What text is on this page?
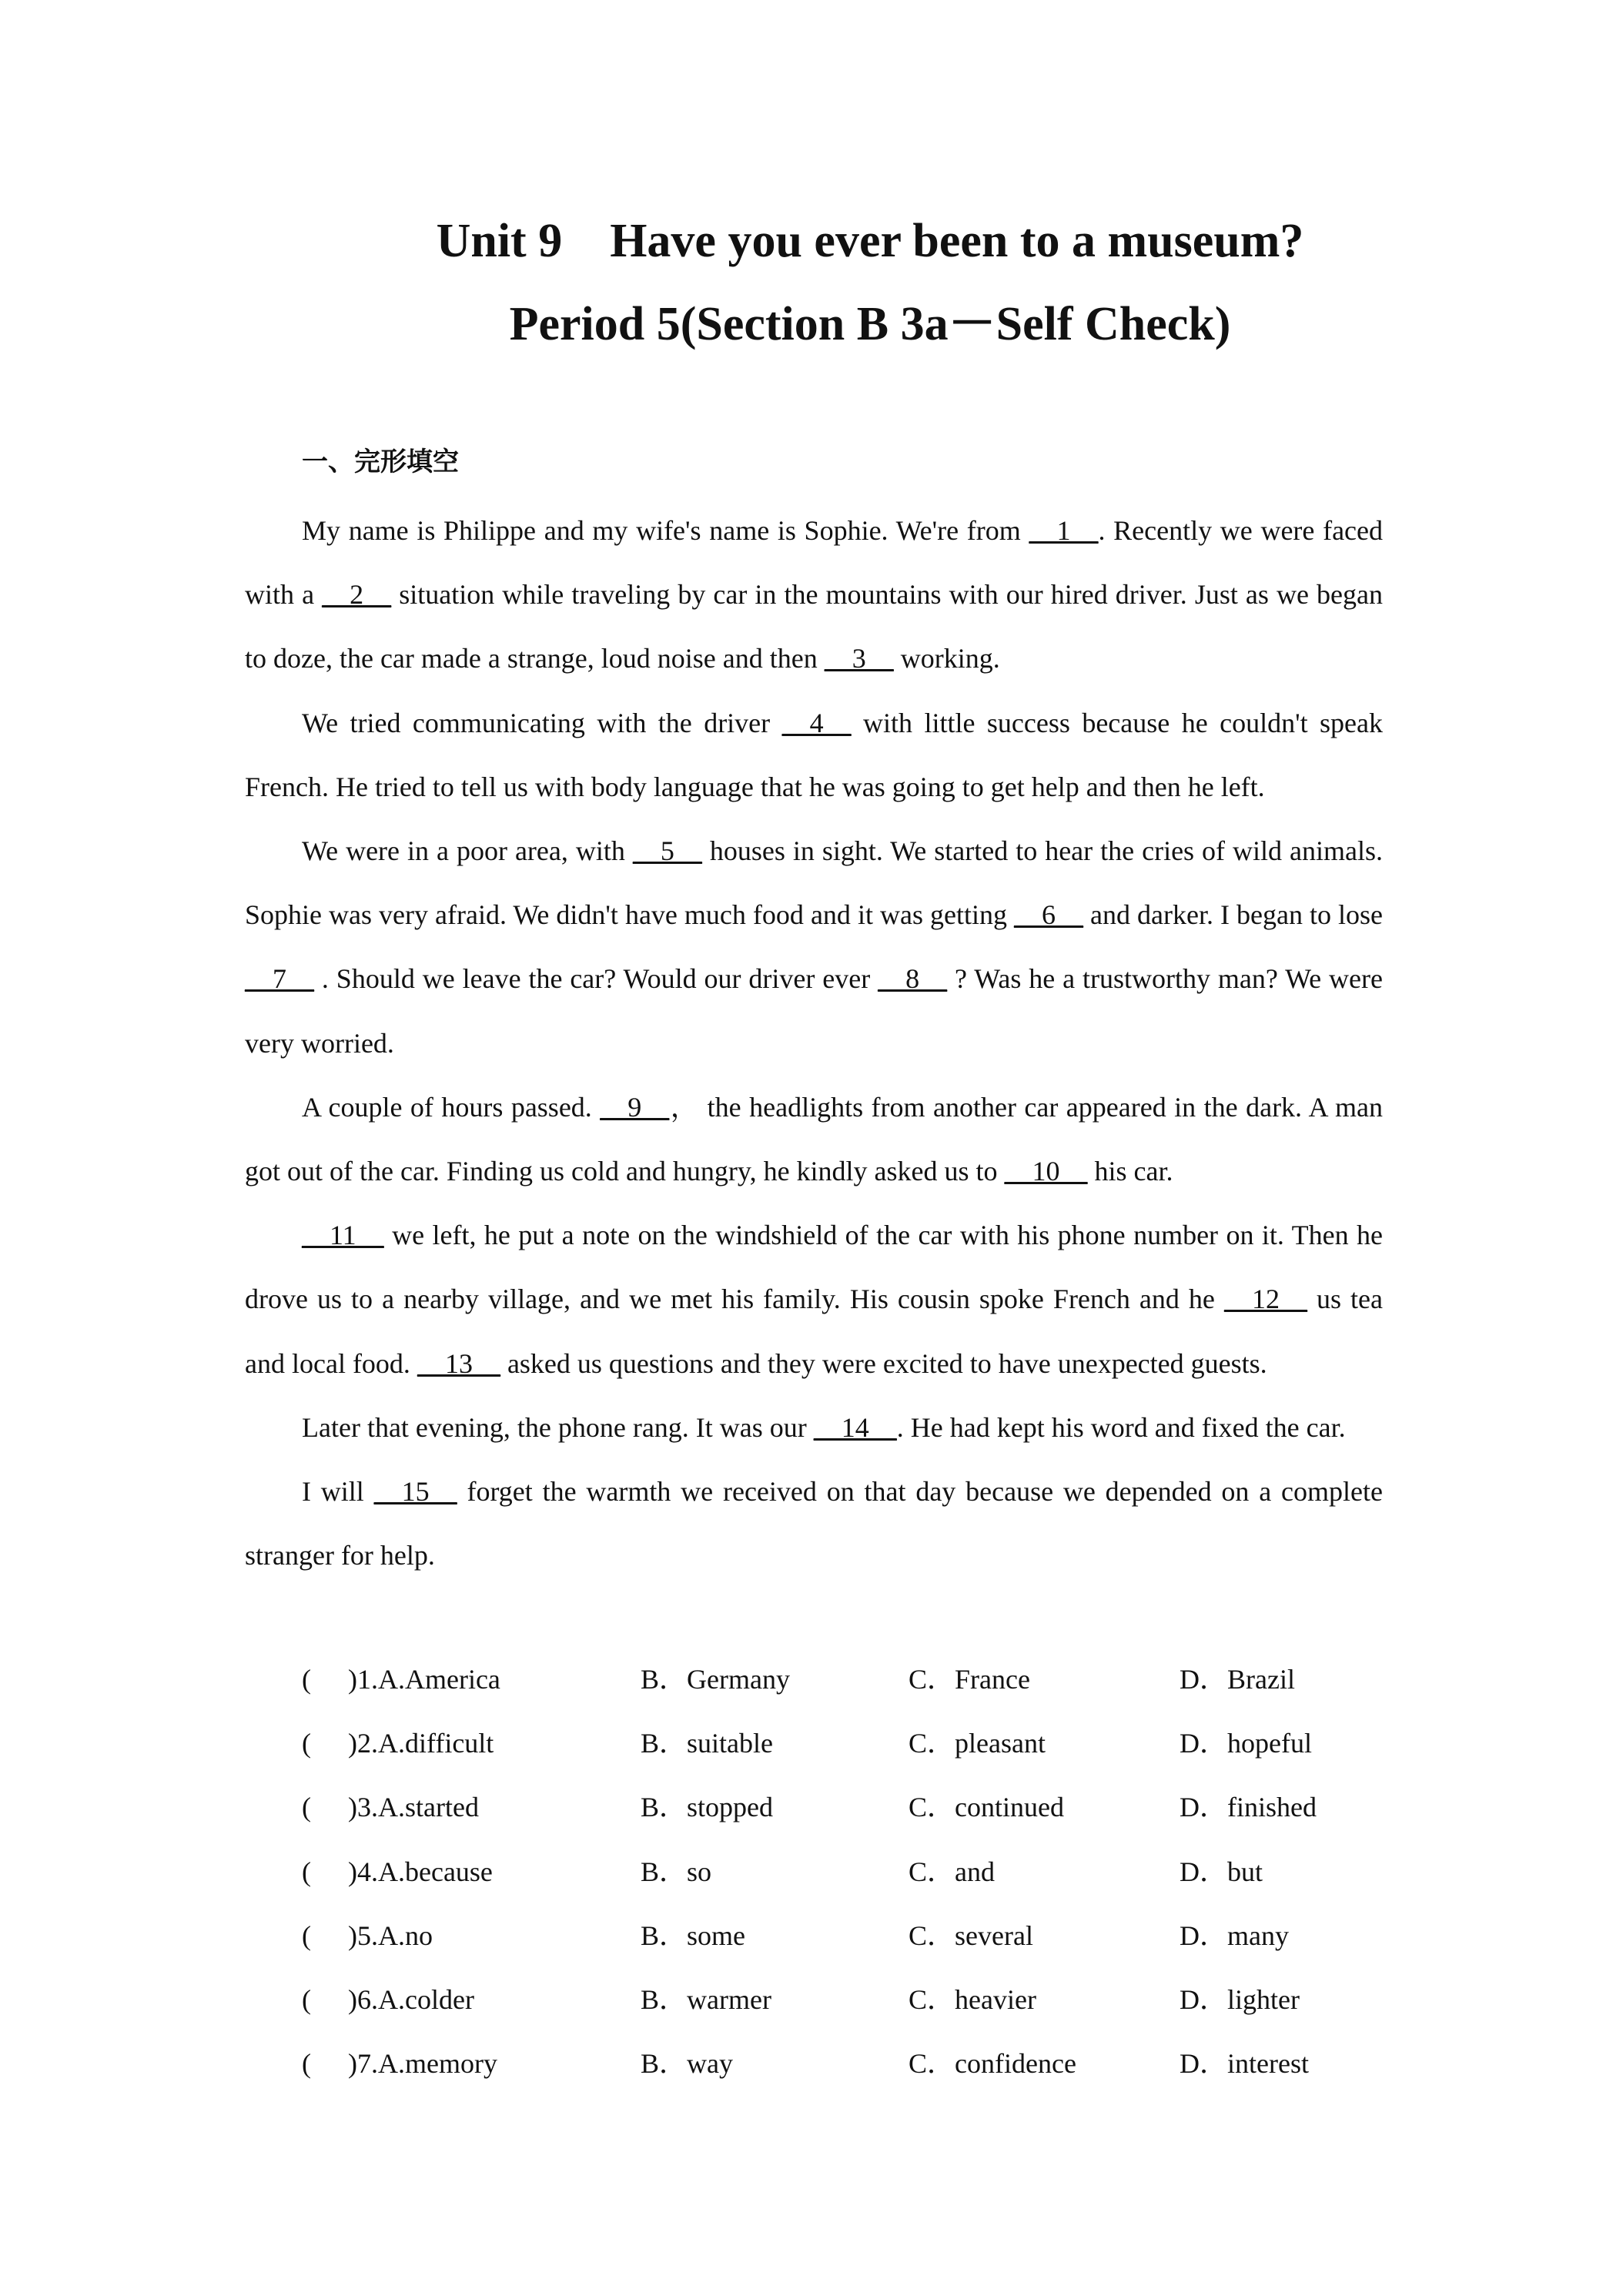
Unit 9    Have you ever been to a museum?
Period 5(Section B 3a－Self Check)
一、完形填空

My name is Philippe and my wife's name is Sophie. We're from __1__. Recently we were faced with a __2__ situation while traveling by car in the mountains with our hired driver. Just as we began to doze, the car made a strange, loud noise and then __3__ working.

We tried communicating with the driver __4__ with little success because he couldn't speak French. He tried to tell us with body language that he was going to get help and then he left.

We were in a poor area, with __5__ houses in sight. We started to hear the cries of wild animals. Sophie was very afraid. We didn't have much food and it was getting __6__ and darker. I began to lose __7__ . Should we leave the car? Would our driver ever __8__ ? Was he a trustworthy man? We were very worried.

A couple of hours passed. __9__， the headlights from another car appeared in the dark. A man got out of the car. Finding us cold and hungry, he kindly asked us to __10__ his car.

__11__ we left, he put a note on the windshield of the car with his phone number on it. Then he drove us to a nearby village, and we met his family. His cousin spoke French and he __12__ us tea and local food. __13__ asked us questions and they were excited to have unexpected guests.

Later that evening, the phone rang. It was our __14__. He had kept his word and fixed the car.

I will __15__ forget the warmth we received on that day because we depended on a complete stranger for help.

( )1.A.America	B．Germany	C．France	D．Brazil
( )2.A.difficult	B．suitable	C．pleasant	D．hopeful
( )3.A.started	B．stopped	C．continued	D．finished
( )4.A.because	B．so	C．and	D．but
( )5.A.no	B．some	C．several	D．many
( )6.A.colder	B．warmer	C．heavier	D．lighter
( )7.A.memory	B．way	C．confidence	D．interest
